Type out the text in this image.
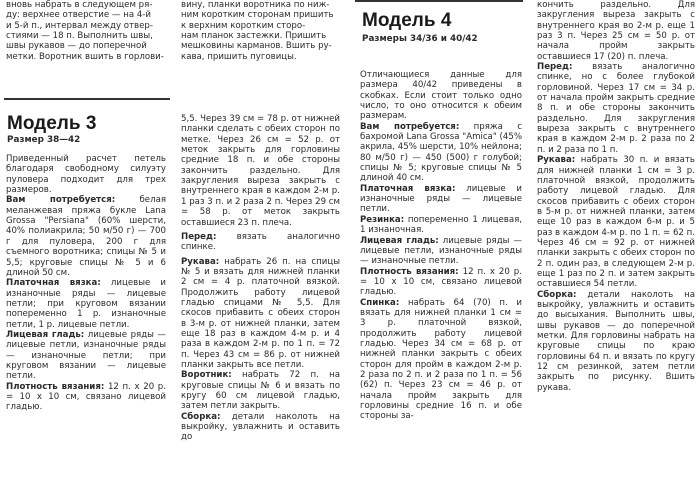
Модель 3

Размер 38—42

Модель 4

Размеры 34/36 и 40/42

вновь набрать в следующем ря-

ду: верхнее отверстие — на 4-й

и 5-й п., интервал между отвер-

стиями — 18 п. Выполнить швы,

швы рукавов — до поперечной

метки. Воротник вшить в горлови-

Приведенный расчет петель благодаря свободному силуэту пуловера подходит для трех размеров.

Вам потребуется:	белая меланжевая пряжа букле Lana Grossa "Persiana" (60% шерсти, 40% полиакрила; 50 м/50 г) — 700 г для пуловера, 200 г для съемного воротника; спицы № 5 и 5,5; круговые спицы № 5 и 6 длиной 50 см.

Платочная вязка: лицевые и изнаночные ряды — лицевые петли; при круговом вязании попеременно 1 р. изнаночные петли, 1 р. лицевые петли.

Лицевая гладь: лицевые ряды — лицевые петли, изнаночные ряды — изнаночные петли; при круговом вязании — лицевые петли.

Плотность вязания: 12 п. x 20 р. = 10 x 10 см, связано лицевой гладью.

вину, планки воротника по ниж-

ним коротким сторонам пришить

к верхним коротким сторо-

нам планок застежки. Пришить

мешковины карманов. Вшить ру-

кава, пришить пуговицы.

5,5. Через 39 см = 78 р. от нижней планки сделать с обеих сторон по метке. Через 26 см = 52 р. от меток закрыть для горловины средние 18 п. и обе стороны закончить раздельно. Для закругления выреза закрыть с внутреннего края в каждом 2-м р. 1 раз 3 п. и 2 раза 2 п. Через 29 см = 58 р. от меток закрыть оставшиеся 23 п. плеча.

Перед: вязать аналогично спинке.

Рукава: набрать 26 п. на спицы № 5 и вязать для нижней планки 2 см = 4 р. платочной вязкой. Продолжить работу лицевой гладью спицами № 5,5. Для скосов прибавить с обеих сторон в 3-м р. от нижней планки, затем еще 18 раз в каждом 4-м р. и 4 раза в каждом 2-м р. по 1 п. = 72 п. Через 43 см = 86 р. от нижней планки закрыть все петли.

Воротник: набрать 72 п. на круговые спицы № 6 и вязать по кругу 60 см лицевой гладью, затем петли закрыть.

Сборка: детали наколоть на выкройку, увлажнить и оставить до

Отличающиеся данные для размера 40/42 приведены в скобках. Если стоит только одно число, то оно относится к обеим размерам.

Вам потребуется: пряжа с бахромой Lana Grossa "Amica" (45% акрила, 45% шерсти, 10% нейлона; 80 м/50 г) — 450 (500) г голубой; спицы № 5; круговые спицы № 5 длиной 40 см.

Платочная вязка: лицевые и изнаночные ряды — лицевые петли.

Резинка: попеременно 1 лицевая, 1 изнаночная.

Лицевая гладь: лицевые ряды — лицевые петли, изнаночные ряды — изнаночные петли.

Плотность вязания: 12 п. x 20 р. = 10 x 10 см, связано лицевой гладью.

Спинка: набрать 64 (70) п. и вязать для нижней планки 1 см = 3 р. платочной вязкой, продолжить работу лицевой гладью. Через 34 см = 68 р. от нижней планки закрыть с обеих сторон для пройм в каждом 2-м р. 2 раза по 2 п. и 2 раза по 1 п. = 56 (62) п. Через 23 см = 46 р. от начала пройм закрыть для горловины средние 16 п. и обе стороны за-

кончить раздельно. Для закругления выреза закрыть с внутреннего края во 2-м р. еще 1 раз 3 п. Через 25 см = 50 р. от начала пройм закрыть оставшиеся 17 (20) п. плеча.

Перед: вязать аналогично спинке, но с более глубокой горловиной. Через 17 см = 34 р. от начала пройм закрыть средние 8 п. и обе стороны закончить раздельно. Для закругления выреза закрыть с внутреннего края в каждом 2-м р. 2 раза по 2 п. и 2 раза по 1 п.

Рукава: набрать 30 п. и вязать для нижней планки 1 см = 3 р. платочной вязкой, продолжить работу лицевой гладью. Для скосов прибавить с обеих сторон в 5-м р. от нижней планки, затем еще 10 раз в каждом 6-м р. и 5 раз в каждом 4-м р. по 1 п. = 62 п. Через 46 см = 92 р. от нижней планки закрыть с обеих сторон по 2 п. один раз, в следующем 2-м р. еще 1 раз по 2 п. и затем закрыть оставшиеся 54 петли.

Сборка: детали наколоть на выкройку, увлажнить и оставить до высыхания. Выполнить швы, швы рукавов — до поперечной метки. Для горловины набрать на круговые спицы по краю горловины 64 п. и вязать по кругу 12 см резинкой, затем петли закрыть по рисунку. Вшить рукава.
